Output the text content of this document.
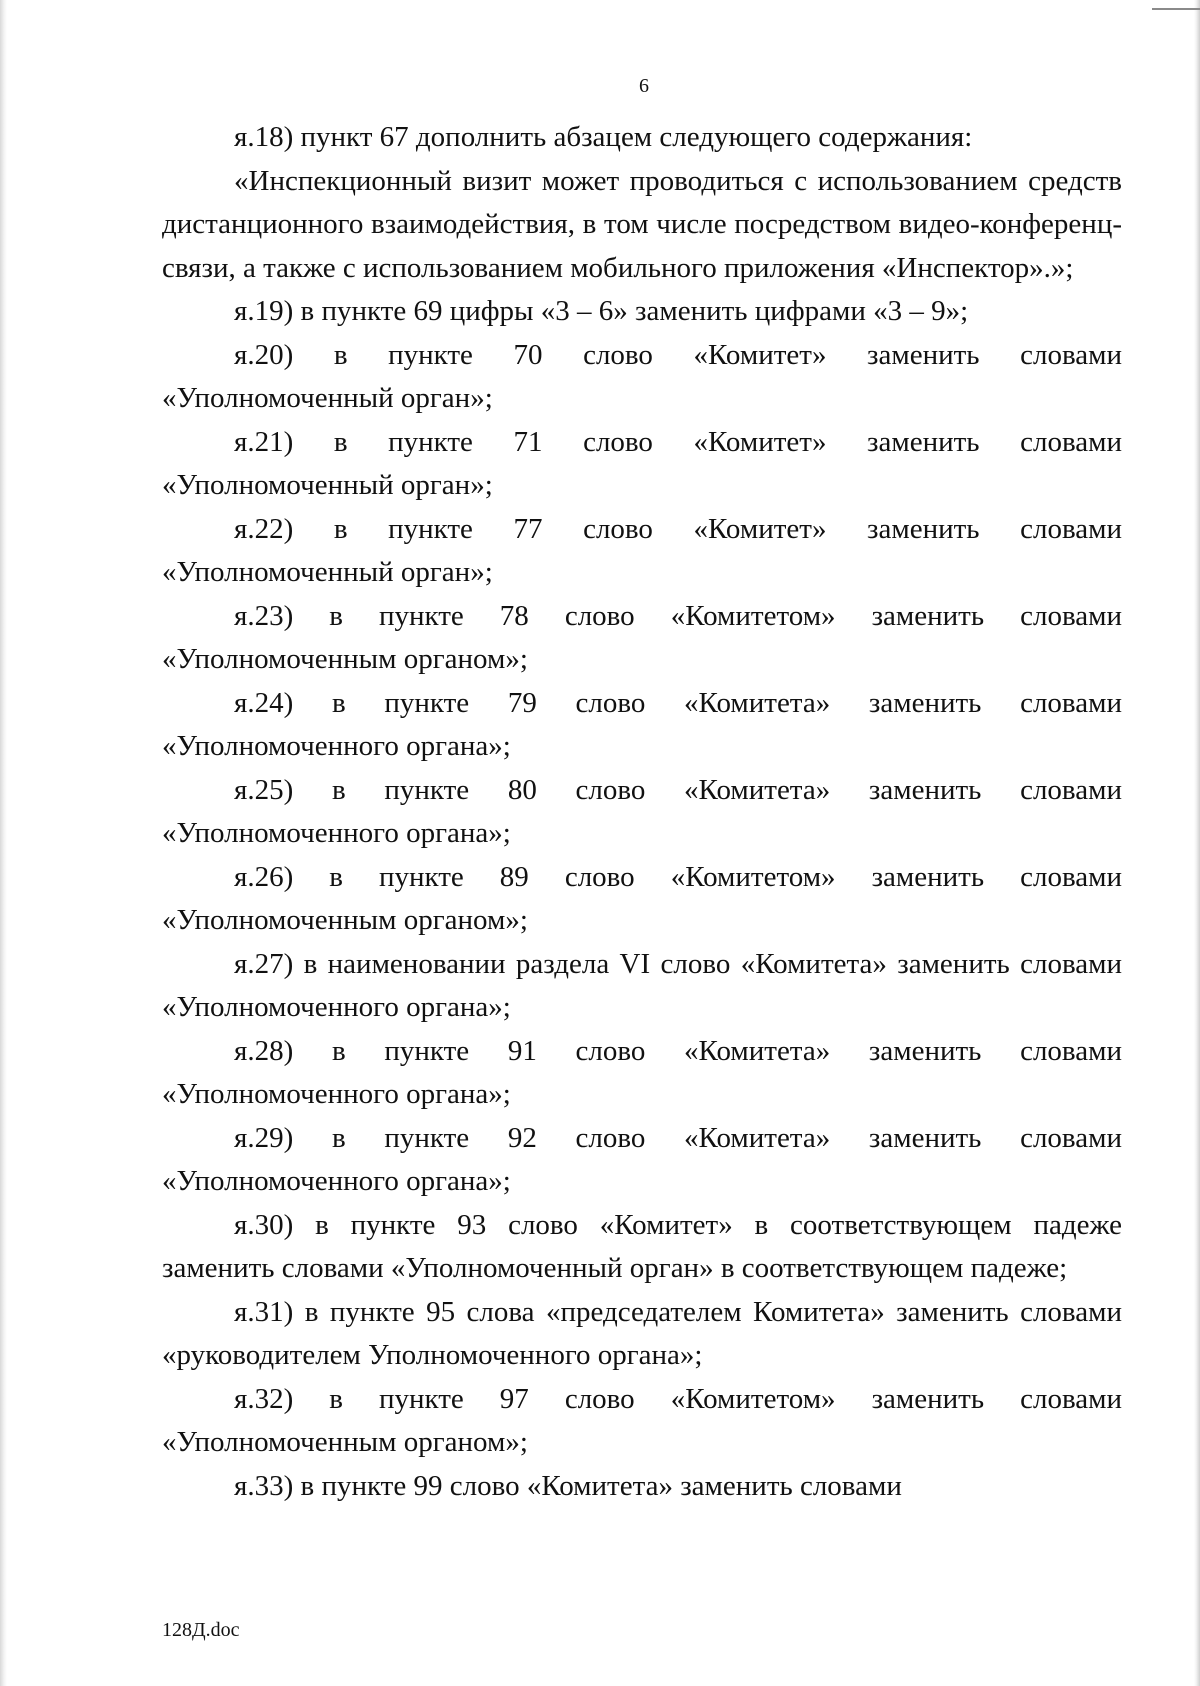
6

я.18) пункт 67 дополнить абзацем следующего содержания:

«Инспекционный визит может проводиться с использованием средств дистанционного взаимодействия, в том числе посредством видео-конференц-связи, а также с использованием мобильного приложения «Инспектор».»;

я.19) в пункте 69 цифры «3 – 6» заменить цифрами «3 – 9»;

я.20) в пункте 70 слово «Комитет» заменить словами «Уполномоченный орган»;

я.21) в пункте 71 слово «Комитет» заменить словами «Уполномоченный орган»;

я.22) в пункте 77 слово «Комитет» заменить словами «Уполномоченный орган»;

я.23) в пункте 78 слово «Комитетом» заменить словами «Уполномоченным органом»;

я.24) в пункте 79 слово «Комитета» заменить словами «Уполномоченного органа»;

я.25) в пункте 80 слово «Комитета» заменить словами «Уполномоченного органа»;

я.26) в пункте 89 слово «Комитетом» заменить словами «Уполномоченным органом»;

я.27) в наименовании раздела VI слово «Комитета» заменить словами «Уполномоченного органа»;

я.28) в пункте 91 слово «Комитета» заменить словами «Уполномоченного органа»;

я.29) в пункте 92 слово «Комитета» заменить словами «Уполномоченного органа»;

я.30) в пункте 93 слово «Комитет» в соответствующем падеже заменить словами «Уполномоченный орган» в соответствующем падеже;

я.31) в пункте 95 слова «председателем Комитета» заменить словами «руководителем Уполномоченного органа»;

я.32) в пункте 97 слово «Комитетом» заменить словами «Уполномоченным органом»;

я.33) в пункте 99 слово «Комитета» заменить словами

128Д.doc
